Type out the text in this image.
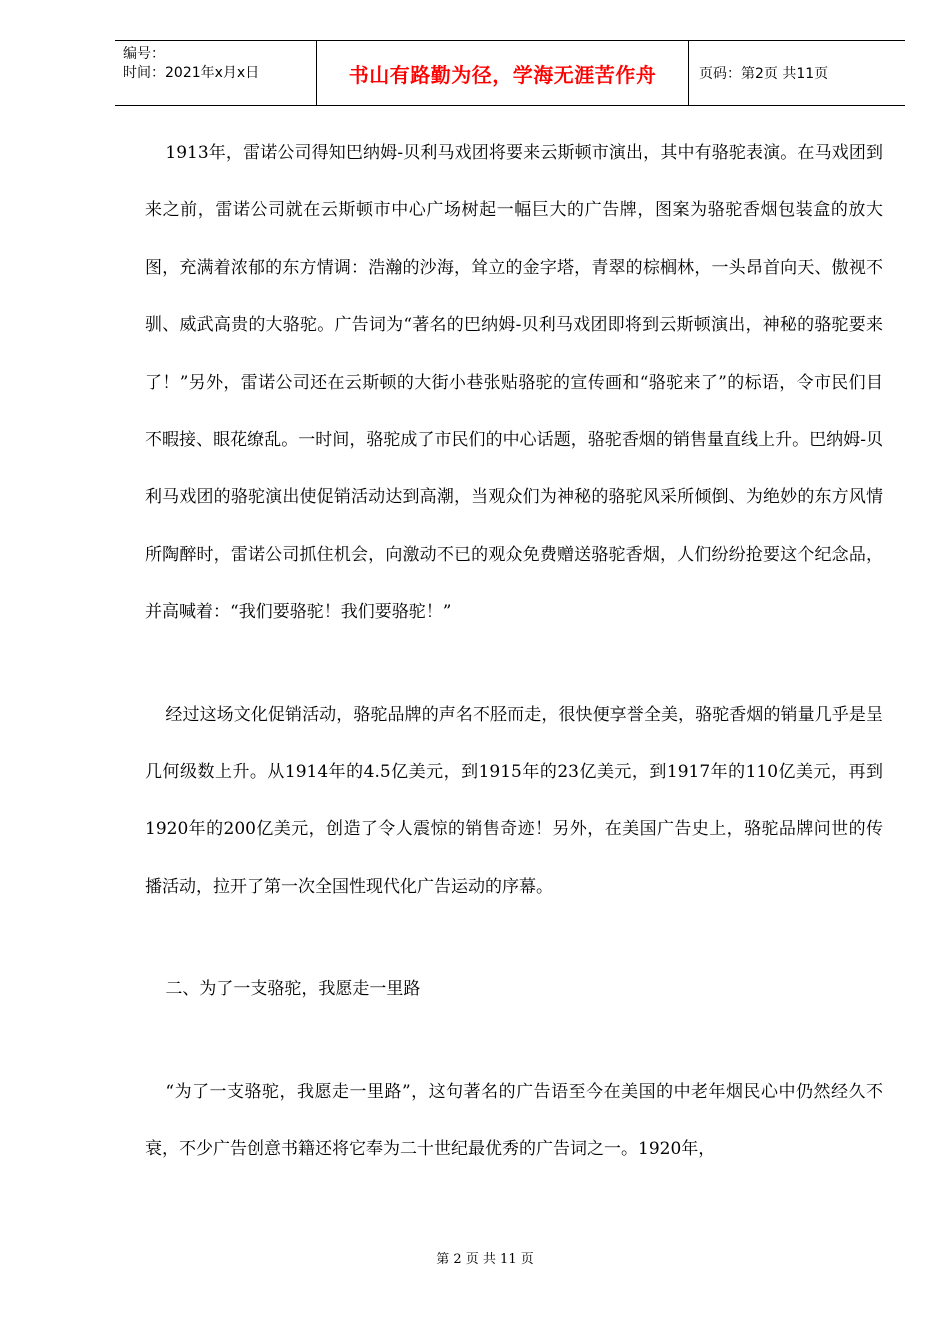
编号：
时间：2021年x月x日	书山有路勤为径，学海无涯苦作舟	页码：第2页 共11页

1913年，雷诺公司得知巴纳姆-贝利马戏团将要来云斯顿市演出，其中有骆驼表演。在马戏团到来之前，雷诺公司就在云斯顿市中心广场树起一幅巨大的广告牌，图案为骆驼香烟包装盒的放大图，充满着浓郁的东方情调：浩瀚的沙海，耸立的金字塔，青翠的棕榈林，一头昂首向天、傲视不驯、威武高贵的大骆驼。广告词为“著名的巴纳姆-贝利马戏团即将到云斯顿演出，神秘的骆驼要来了！”另外，雷诺公司还在云斯顿的大街小巷张贴骆驼的宣传画和“骆驼来了”的标语，令市民们目不暇接、眼花缭乱。一时间，骆驼成了市民们的中心话题，骆驼香烟的销售量直线上升。巴纳姆-贝利马戏团的骆驼演出使促销活动达到高潮，当观众们为神秘的骆驼风采所倾倒、为绝妙的东方风情所陶醉时，雷诺公司抓住机会，向激动不已的观众免费赠送骆驼香烟，人们纷纷抢要这个纪念品，并高喊着：“我们要骆驼！我们要骆驼！”

经过这场文化促销活动，骆驼品牌的声名不胫而走，很快便享誉全美，骆驼香烟的销量几乎是呈几何级数上升。从1914年的4.5亿美元，到1915年的23亿美元，到1917年的110亿美元，再到1920年的200亿美元，创造了令人震惊的销售奇迹！另外，在美国广告史上，骆驼品牌问世的传播活动，拉开了第一次全国性现代化广告运动的序幕。

二、为了一支骆驼，我愿走一里路

“为了一支骆驼，我愿走一里路”，这句著名的广告语至今在美国的中老年烟民心中仍然经久不衰，不少广告创意书籍还将它奉为二十世纪最优秀的广告词之一。1920年，

第 2 页 共 11 页
